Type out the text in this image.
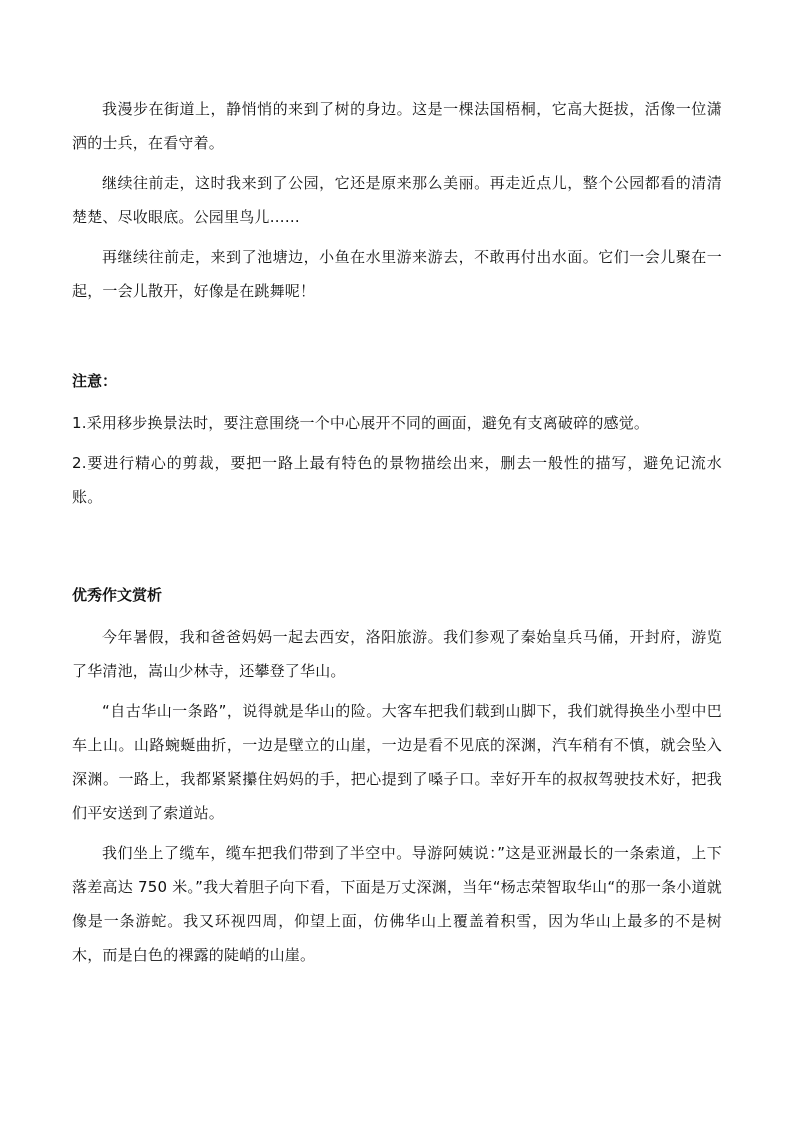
我漫步在街道上，静悄悄的来到了树的身边。这是一棵法国梧桐，它高大挺拔，活像一位潇洒的士兵，在看守着。

继续往前走，这时我来到了公园，它还是原来那么美丽。再走近点儿，整个公园都看的清清楚楚、尽收眼底。公园里鸟儿……

再继续往前走，来到了池塘边，小鱼在水里游来游去，不敢再付出水面。它们一会儿聚在一起，一会儿散开，好像是在跳舞呢！

注意：

1.采用移步换景法时，要注意围绕一个中心展开不同的画面，避免有支离破碎的感觉。

2.要进行精心的剪裁，要把一路上最有特色的景物描绘出来，删去一般性的描写，避免记流水账。

优秀作文赏析

今年暑假，我和爸爸妈妈一起去西安，洛阳旅游。我们参观了秦始皇兵马俑，开封府，游览了华清池，嵩山少林寺，还攀登了华山。

“自古华山一条路”，说得就是华山的险。大客车把我们载到山脚下，我们就得换坐小型中巴车上山。山路蜿蜒曲折，一边是壁立的山崖，一边是看不见底的深渊，汽车稍有不慎，就会坠入深渊。一路上，我都紧紧攥住妈妈的手，把心提到了嗓子口。幸好开车的叔叔驾驶技术好，把我们平安送到了索道站。

我们坐上了缆车，缆车把我们带到了半空中。导游阿姨说：”这是亚洲最长的一条索道，上下落差高达 750 米。”我大着胆子向下看，下面是万丈深渊，当年“杨志荣智取华山“的那一条小道就像是一条游蛇。我又环视四周，仰望上面，仿佛华山上覆盖着积雪，因为华山上最多的不是树木，而是白色的裸露的陡峭的山崖。
